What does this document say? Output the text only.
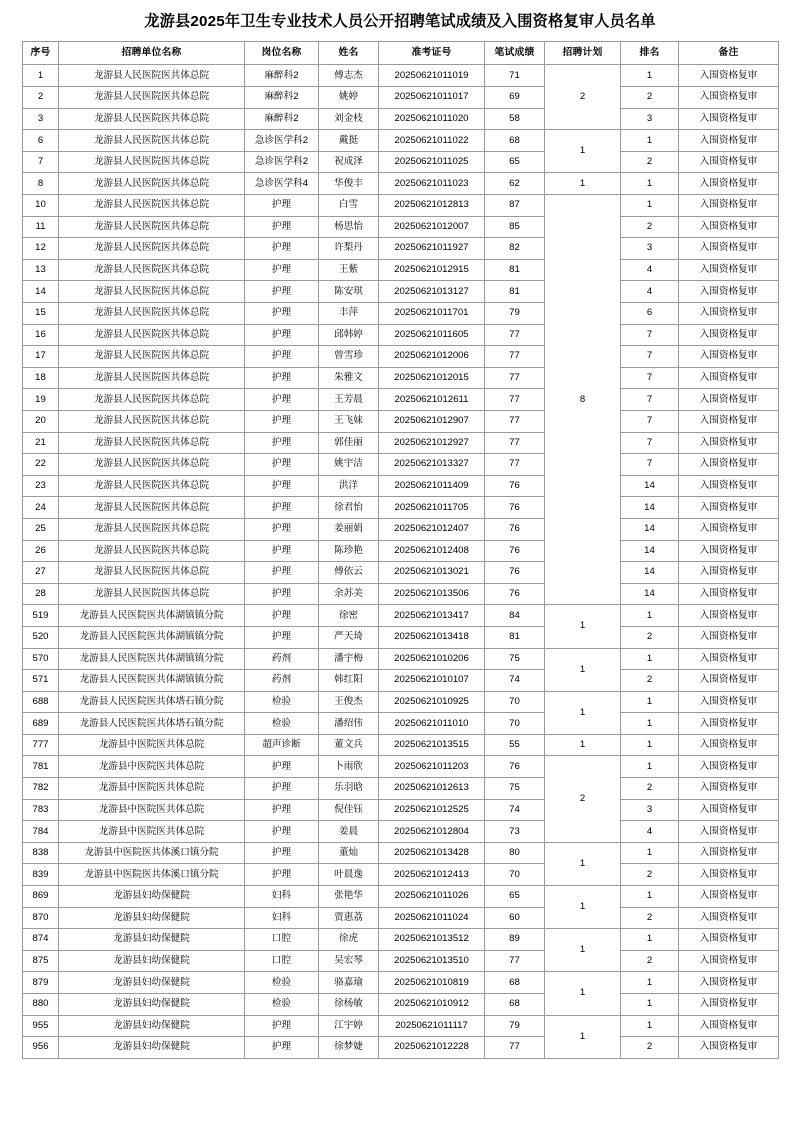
龙游县2025年卫生专业技术人员公开招聘笔试成绩及入围资格复审人员名单
序号	招聘单位名称	岗位名称	姓名	准考证号	笔试成绩	招聘计划	排名	备注
1	龙游县人民医院医共体总院	麻醉科2	傅志杰	20250621011019	71	2	1	入围资格复审
2	龙游县人民医院医共体总院	麻醉科2	姚婷	20250621011017	69		2	入围资格复审
3	龙游县人民医院医共体总院	麻醉科2	刘金枝	20250621011020	58		3	入围资格复审
6	龙游县人民医院医共体总院	急诊医学科2	戴挺	20250621011022	68	1	1	入围资格复审
7	龙游县人民医院医共体总院	急诊医学科2	祝成泽	20250621011025	65		2	入围资格复审
8	龙游县人民医院医共体总院	急诊医学科4	华俊丰	20250621011023	62	1	1	入围资格复审
10	龙游县人民医院医共体总院	护理	白雪	20250621012813	87	8	1	入围资格复审
11	龙游县人民医院医共体总院	护理	杨思怡	20250621012007	85		2	入围资格复审
12	龙游县人民医院医共体总院	护理	许梨丹	20250621011927	82		3	入围资格复审
13	龙游县人民医院医共体总院	护理	王紫	20250621012915	81		4	入围资格复审
14	龙游县人民医院医共体总院	护理	陈安琪	20250621013127	81		4	入围资格复审
15	龙游县人民医院医共体总院	护理	丰萍	20250621011701	79		6	入围资格复审
16	龙游县人民医院医共体总院	护理	邱韩婷	20250621011605	77		7	入围资格复审
17	龙游县人民医院医共体总院	护理	曾雪珍	20250621012006	77		7	入围资格复审
18	龙游县人民医院医共体总院	护理	朱雅文	20250621012015	77		7	入围资格复审
19	龙游县人民医院医共体总院	护理	王芳晨	20250621012611	77		7	入围资格复审
20	龙游县人民医院医共体总院	护理	王飞妹	20250621012907	77		7	入围资格复审
21	龙游县人民医院医共体总院	护理	郭佳丽	20250621012927	77		7	入围资格复审
22	龙游县人民医院医共体总院	护理	姚宇洁	20250621013327	77		7	入围资格复审
23	龙游县人民医院医共体总院	护理	洪洋	20250621011409	76		14	入围资格复审
24	龙游县人民医院医共体总院	护理	徐君怡	20250621011705	76		14	入围资格复审
25	龙游县人民医院医共体总院	护理	姜丽娟	20250621012407	76		14	入围资格复审
26	龙游县人民医院医共体总院	护理	陈珍艳	20250621012408	76		14	入围资格复审
27	龙游县人民医院医共体总院	护理	傅依云	20250621013021	76		14	入围资格复审
28	龙游县人民医院医共体总院	护理	余苏美	20250621013506	76		14	入围资格复审
519	龙游县人民医院医共体湖镇镇分院	护理	徐密	20250621013417	84	1	1	入围资格复审
520	龙游县人民医院医共体湖镇镇分院	护理	严天琦	20250621013418	81		2	入围资格复审
570	龙游县人民医院医共体湖镇镇分院	药剂	潘宇梅	20250621010206	75	1	1	入围资格复审
571	龙游县人民医院医共体湖镇镇分院	药剂	韩红阳	20250621010107	74		2	入围资格复审
688	龙游县人民医院医共体塔石镇分院	检验	王俊杰	20250621010925	70	1	1	入围资格复审
689	龙游县人民医院医共体塔石镇分院	检验	潘绍伟	20250621011010	70		1	入围资格复审
777	龙游县中医院医共体总院	超声诊断	董文兵	20250621013515	55	1	1	入围资格复审
781	龙游县中医院医共体总院	护理	卜雨欣	20250621011203	76	2	1	入围资格复审
782	龙游县中医院医共体总院	护理	乐羽晗	20250621012613	75		2	入围资格复审
783	龙游县中医院医共体总院	护理	倪佳钰	20250621012525	74		3	入围资格复审
784	龙游县中医院医共体总院	护理	姜晨	20250621012804	73		4	入围资格复审
838	龙游县中医院医共体溪口镇分院	护理	董灿	20250621013428	80	1	1	入围资格复审
839	龙游县中医院医共体溪口镇分院	护理	叶晨逸	20250621012413	70		2	入围资格复审
869	龙游县妇幼保健院	妇科	张艳华	20250621011026	65	1	1	入围资格复审
870	龙游县妇幼保健院	妇科	贾惠荔	20250621011024	60		2	入围资格复审
874	龙游县妇幼保健院	口腔	徐虎	20250621013512	89	1	1	入围资格复审
875	龙游县妇幼保健院	口腔	吴宏琴	20250621013510	77		2	入围资格复审
879	龙游县妇幼保健院	检验	骆嘉瑜	20250621010819	68	1	1	入围资格复审
880	龙游县妇幼保健院	检验	徐杨敏	20250621010912	68		1	入围资格复审
955	龙游县妇幼保健院	护理	江宇婷	20250621011117	79	1	1	入围资格复审
956	龙游县妇幼保健院	护理	徐梦婕	20250621012228	77		2	入围资格复审
